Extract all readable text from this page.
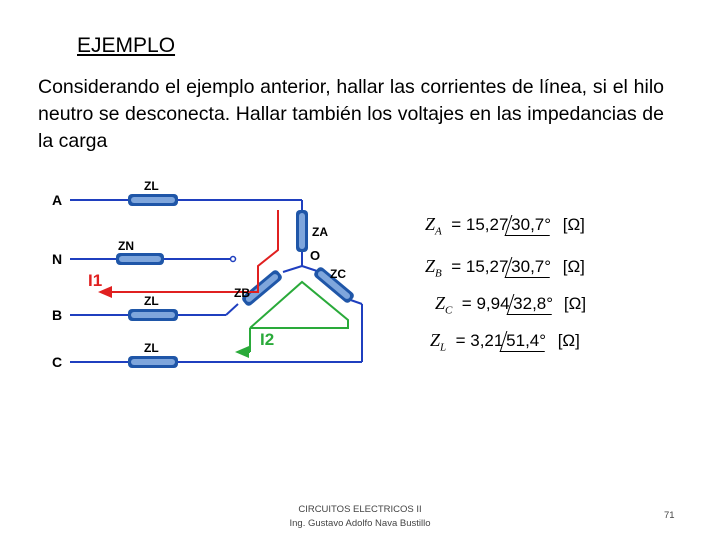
EJEMPLO
Considerando el ejemplo anterior, hallar las corrientes de línea, si el hilo neutro se desconecta. Hallar también los voltajes en las impedancias de la carga
A
N
B
C
ZL
ZN
ZL
ZL
ZA
O
ZB
ZC
I1
I2
$Z_A = 15,27$ 30,7° [Ω]
$Z_B = 15,27$ 30,7° [Ω]
$Z_C = 9,94$ 32,8° [Ω]
$Z_L = 3,21$ 51,4° [Ω]
CIRCUITOS ELECTRICOS II
Ing. Gustavo Adolfo Nava Bustillo
71
